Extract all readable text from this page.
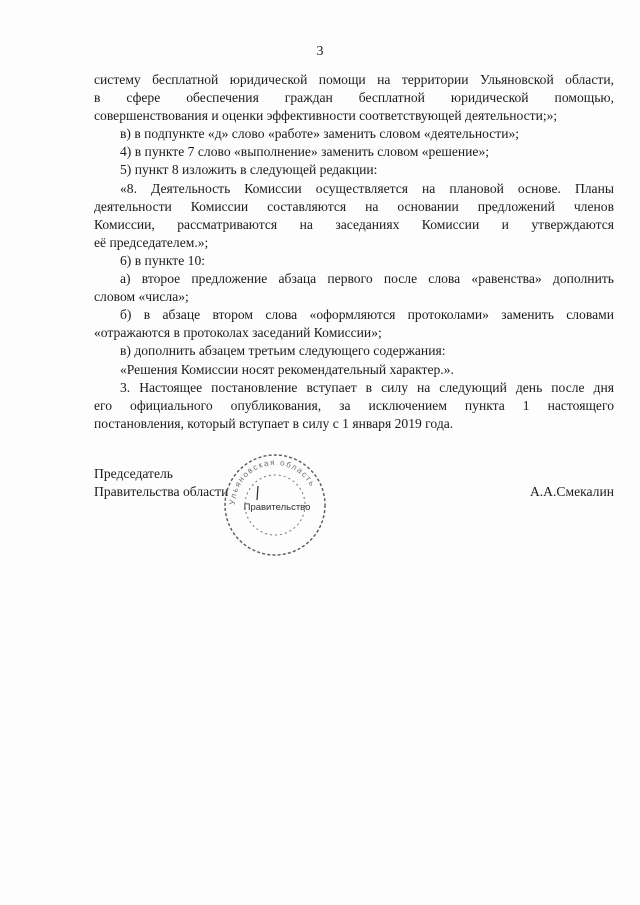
3
систему бесплатной юридической помощи на территории Ульяновской области,
в сфере обеспечения граждан бесплатной юридической помощью,
совершенствования и оценки эффективности соответствующей деятельности;»;
в) в подпункте «д» слово «работе» заменить словом «деятельности»;
4) в пункте 7 слово «выполнение» заменить словом «решение»;
5) пункт 8 изложить в следующей редакции:
«8. Деятельность Комиссии осуществляется на плановой основе. Планы
деятельности Комиссии составляются на основании предложений членов
Комиссии, рассматриваются на заседаниях Комиссии и утверждаются
её председателем.»;
6) в пункте 10:
а) второе предложение абзаца первого после слова «равенства» дополнить
словом «числа»;
б) в абзаце втором слова «оформляются протоколами» заменить словами
«отражаются в протоколах заседаний Комиссии»;
в) дополнить абзацем третьим следующего содержания:
«Решения Комиссии носят рекомендательный характер.».
3. Настоящее постановление вступает в силу на следующий день после дня
его официального опубликования, за исключением пункта 1 настоящего
постановления, который вступает в силу с 1 января 2019 года.
Председатель
Правительства области	А.А.Смекалин
Ульяновская область
Правительство
